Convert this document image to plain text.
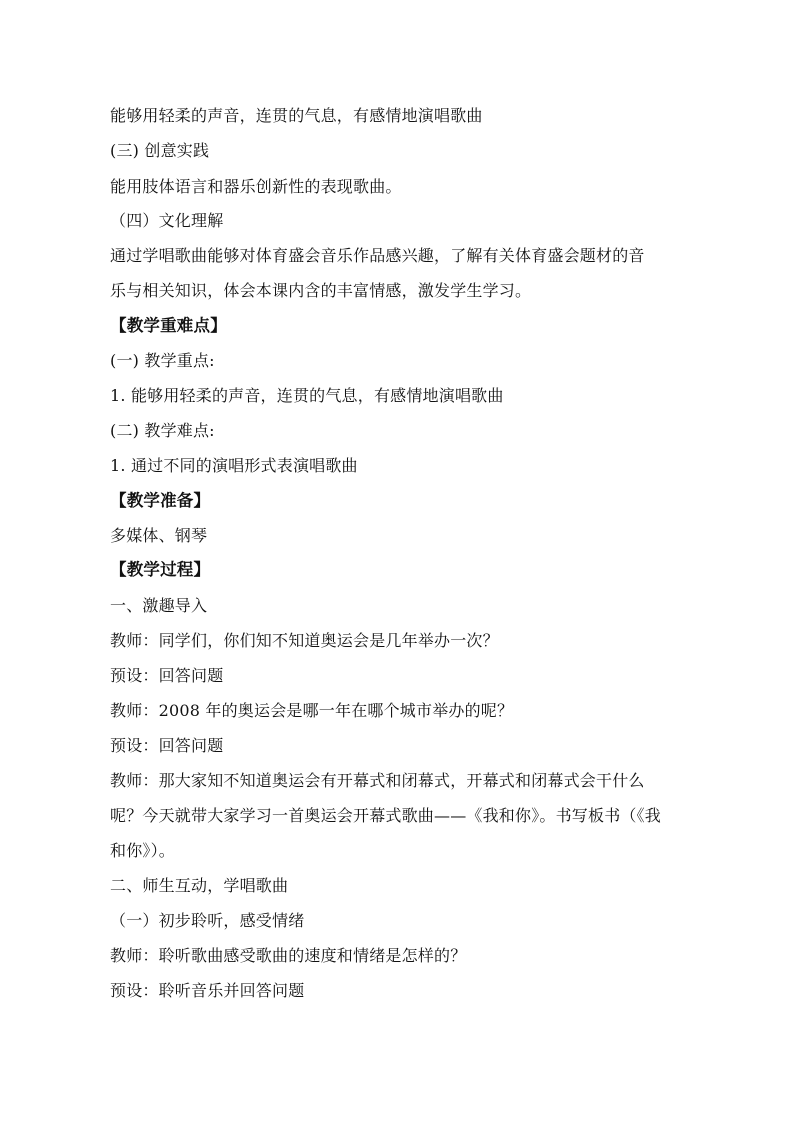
能够用轻柔的声音，连贯的气息，有感情地演唱歌曲
(三) 创意实践
能用肢体语言和器乐创新性的表现歌曲。
（四）文化理解
通过学唱歌曲能够对体育盛会音乐作品感兴趣，了解有关体育盛会题材的音
乐与相关知识，体会本课内含的丰富情感，激发学生学习。
【教学重难点】
(一) 教学重点:
1. 能够用轻柔的声音，连贯的气息，有感情地演唱歌曲
(二) 教学难点:
1. 通过不同的演唱形式表演唱歌曲
【教学准备】
多媒体、钢琴
【教学过程】
一、激趣导入
教师：同学们，你们知不知道奥运会是几年举办一次？
预设：回答问题
教师：2008 年的奥运会是哪一年在哪个城市举办的呢？
预设：回答问题
教师：那大家知不知道奥运会有开幕式和闭幕式，开幕式和闭幕式会干什么
呢？今天就带大家学习一首奥运会开幕式歌曲——《我和你》。书写板书（《我
和你》）。
二、师生互动，学唱歌曲
（一）初步聆听，感受情绪
教师：聆听歌曲感受歌曲的速度和情绪是怎样的？
预设：聆听音乐并回答问题
